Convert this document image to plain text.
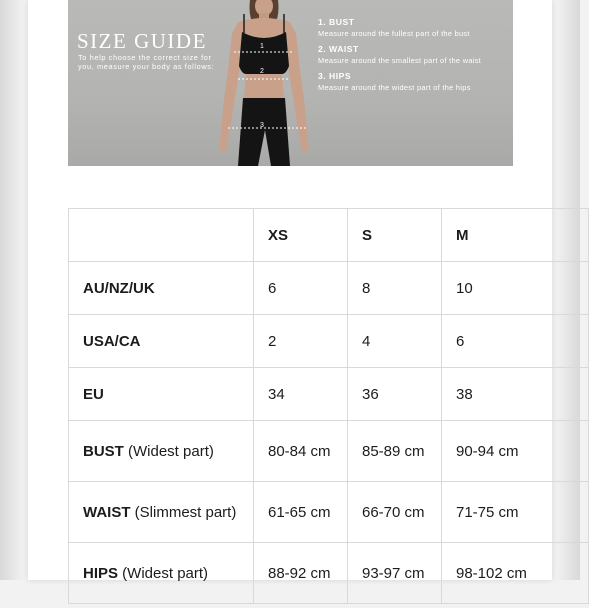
1
2
3
SIZE GUIDE
To help choose the correct size for you, measure your body as follows:
1. BUST
Measure around the fullest part of the bust
2. WAIST
Measure around the smallest part of the waist
3. HIPS
Measure around the widest part of the hips
	XS	S	M
AU/NZ/UK	6	8	10
USA/CA	2	4	6
EU	34	36	38
BUST (Widest part)	80-84 cm	85-89 cm	90-94 cm
WAIST (Slimmest part)	61-65 cm	66-70 cm	71-75 cm
HIPS (Widest part)	88-92 cm	93-97 cm	98-102 cm
